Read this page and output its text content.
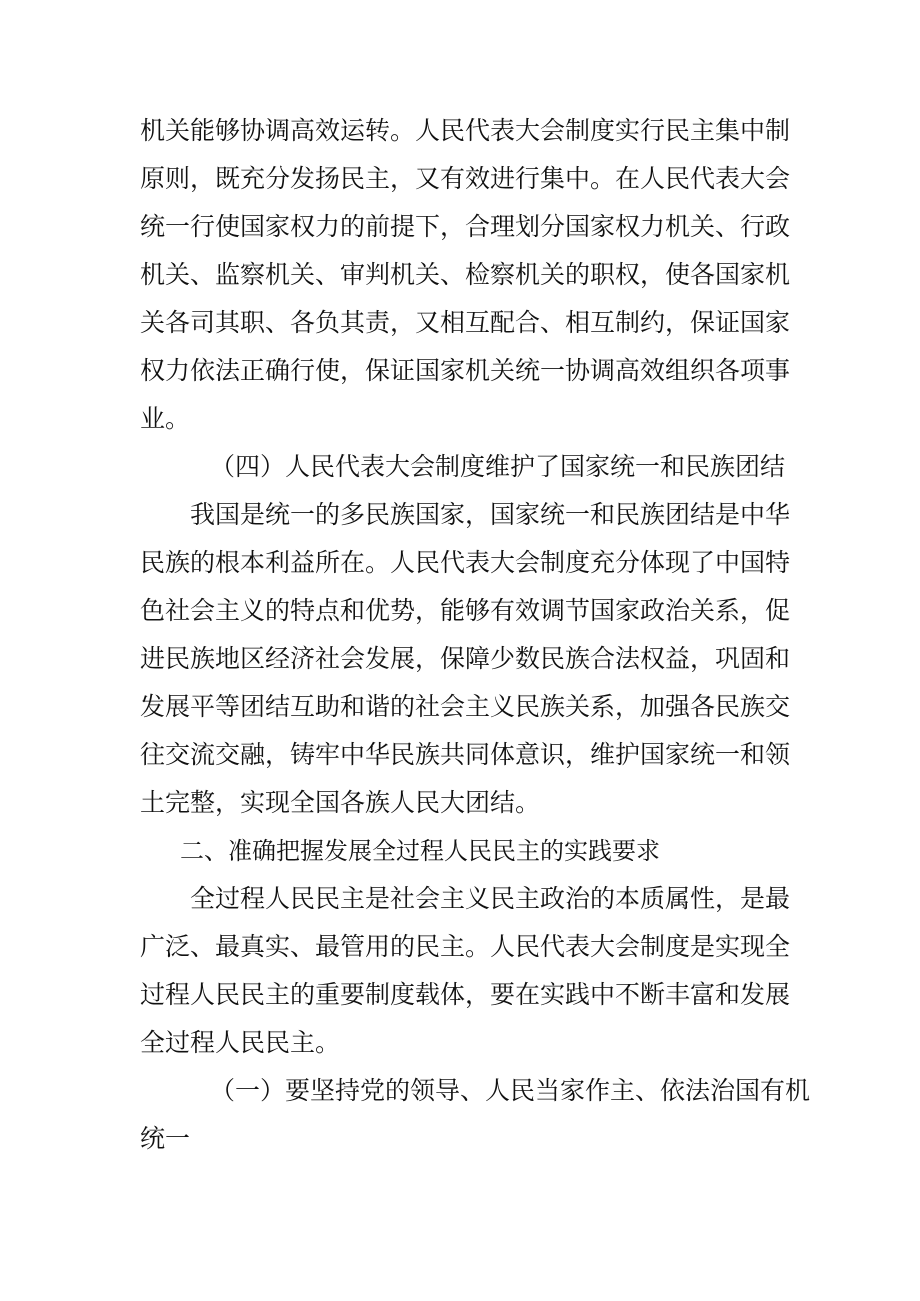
机关能够协调高效运转。人民代表大会制度实行民主集中制
原则，既充分发扬民主，又有效进行集中。在人民代表大会
统一行使国家权力的前提下，合理划分国家权力机关、行政
机关、监察机关、审判机关、检察机关的职权，使各国家机
关各司其职、各负其责，又相互配合、相互制约，保证国家
权力依法正确行使，保证国家机关统一协调高效组织各项事
业。
（四）人民代表大会制度维护了国家统一和民族团结
我国是统一的多民族国家，国家统一和民族团结是中华
民族的根本利益所在。人民代表大会制度充分体现了中国特
色社会主义的特点和优势，能够有效调节国家政治关系，促
进民族地区经济社会发展，保障少数民族合法权益，巩固和
发展平等团结互助和谐的社会主义民族关系，加强各民族交
往交流交融，铸牢中华民族共同体意识，维护国家统一和领
土完整，实现全国各族人民大团结。
二、准确把握发展全过程人民民主的实践要求
全过程人民民主是社会主义民主政治的本质属性，是最
广泛、最真实、最管用的民主。人民代表大会制度是实现全
过程人民民主的重要制度载体，要在实践中不断丰富和发展
全过程人民民主。
（一）要坚持党的领导、人民当家作主、依法治国有机
统一
